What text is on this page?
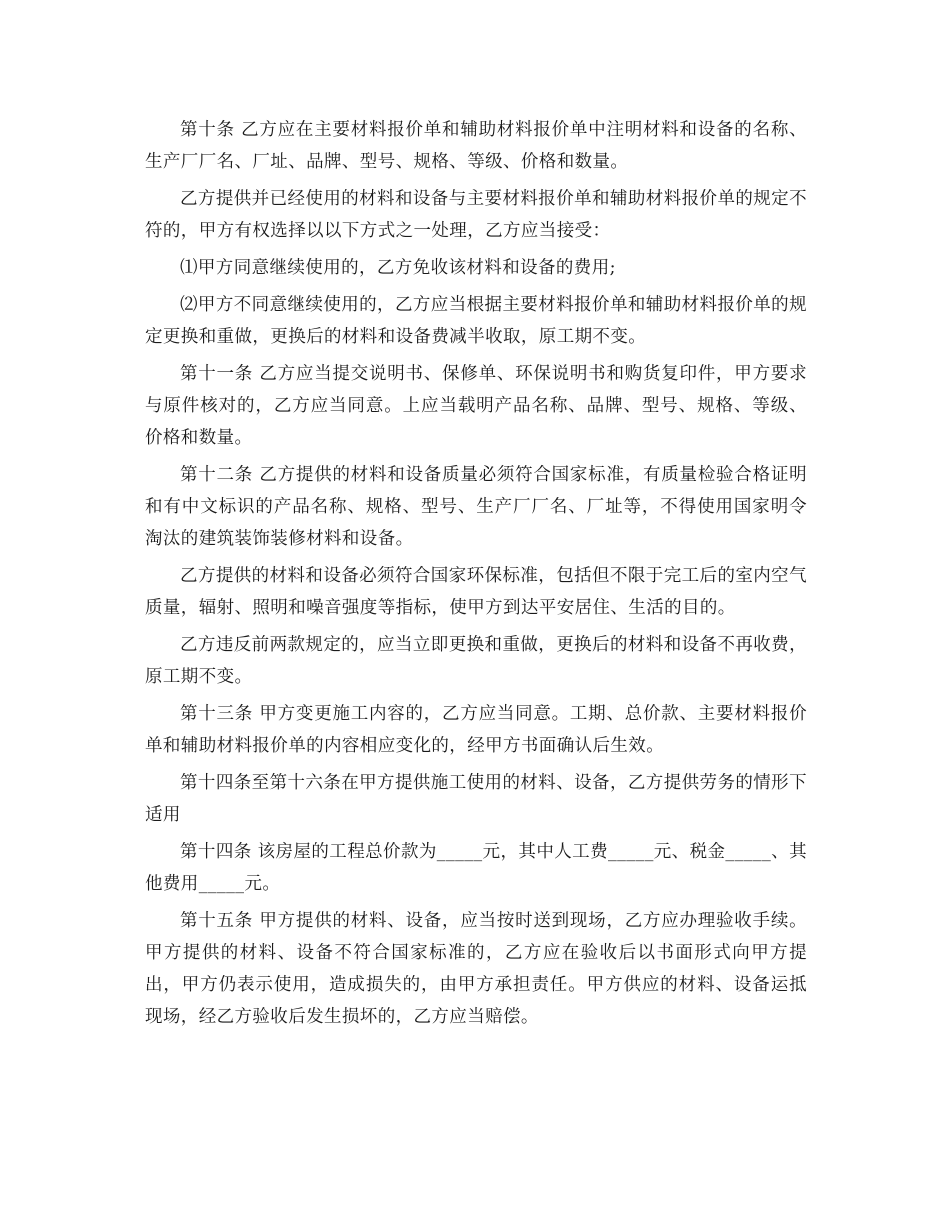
第十条 乙方应在主要材料报价单和辅助材料报价单中注明材料和设备的名称、生产厂厂名、厂址、品牌、型号、规格、等级、价格和数量。

乙方提供并已经使用的材料和设备与主要材料报价单和辅助材料报价单的规定不符的，甲方有权选择以以下方式之一处理，乙方应当接受：

⑴甲方同意继续使用的，乙方免收该材料和设备的费用;

⑵甲方不同意继续使用的，乙方应当根据主要材料报价单和辅助材料报价单的规定更换和重做，更换后的材料和设备费减半收取，原工期不变。

第十一条 乙方应当提交说明书、保修单、环保说明书和购货复印件，甲方要求与原件核对的，乙方应当同意。上应当载明产品名称、品牌、型号、规格、等级、价格和数量。

第十二条 乙方提供的材料和设备质量必须符合国家标准，有质量检验合格证明和有中文标识的产品名称、规格、型号、生产厂厂名、厂址等，不得使用国家明令淘汰的建筑装饰装修材料和设备。

乙方提供的材料和设备必须符合国家环保标准，包括但不限于完工后的室内空气质量，辐射、照明和噪音强度等指标，使甲方到达平安居住、生活的目的。

乙方违反前两款规定的，应当立即更换和重做，更换后的材料和设备不再收费，原工期不变。

第十三条 甲方变更施工内容的，乙方应当同意。工期、总价款、主要材料报价单和辅助材料报价单的内容相应变化的，经甲方书面确认后生效。

第十四条至第十六条在甲方提供施工使用的材料、设备，乙方提供劳务的情形下适用

第十四条 该房屋的工程总价款为_____元，其中人工费_____元、税金_____、其他费用_____元。

第十五条 甲方提供的材料、设备，应当按时送到现场，乙方应办理验收手续。甲方提供的材料、设备不符合国家标准的，乙方应在验收后以书面形式向甲方提出，甲方仍表示使用，造成损失的，由甲方承担责任。甲方供应的材料、设备运抵现场，经乙方验收后发生损坏的，乙方应当赔偿。
